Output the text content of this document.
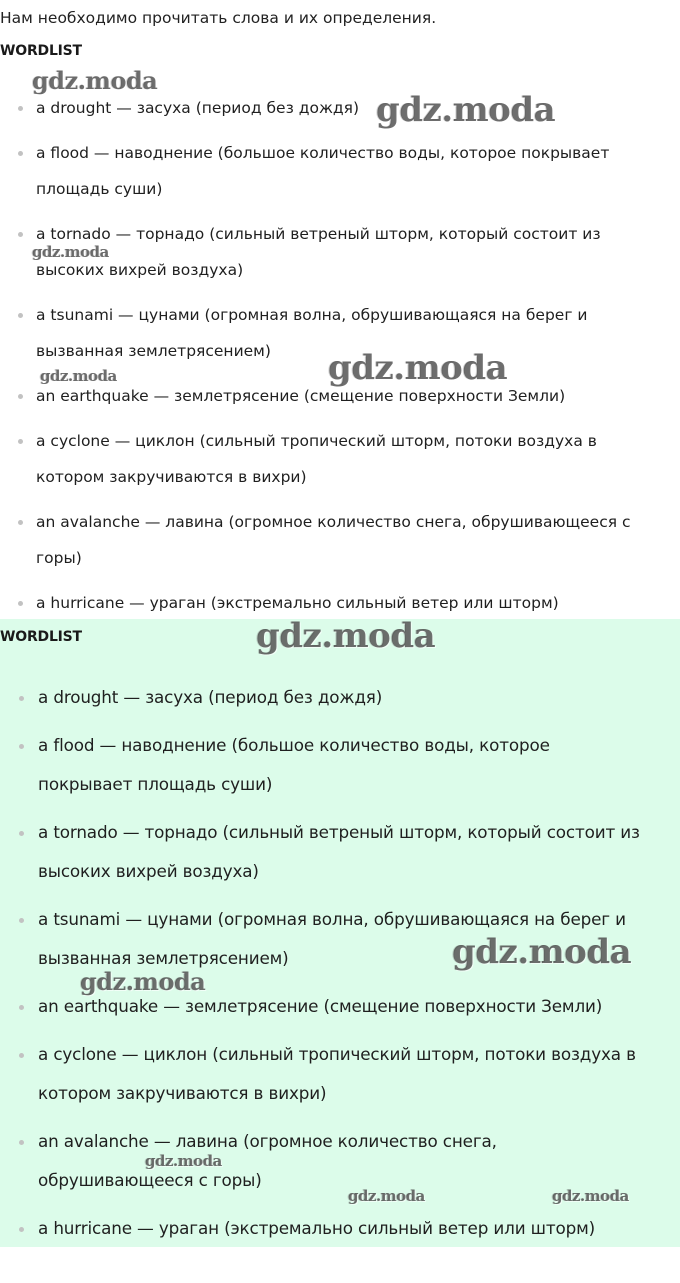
Нам необходимо прочитать слова и их определения.
WORDLIST
a drought — засуха (период без дождя)
a flood — наводнение (большое количество воды, которое покрывает
площадь суши)
a tornado — торнадо (сильный ветреный шторм, который состоит из
высоких вихрей воздуха)
a tsunami — цунами (огромная волна, обрушивающаяся на берег и
вызванная землетрясением)
an earthquake — землетрясение (смещение поверхности Земли)
a cyclone — циклон (сильный тропический шторм, потоки воздуха в
котором закручиваются в вихри)
an avalanche — лавина (огромное количество снега, обрушивающееся с
горы)
a hurricane — ураган (экстремально сильный ветер или шторм)
WORDLIST
a drought — засуха (период без дождя)
a flood — наводнение (большое количество воды, которое
покрывает площадь суши)
a tornado — торнадо (сильный ветреный шторм, который состоит из
высоких вихрей воздуха)
a tsunami — цунами (огромная волна, обрушивающаяся на берег и
вызванная землетрясением)
an earthquake — землетрясение (смещение поверхности Земли)
a cyclone — циклон (сильный тропический шторм, потоки воздуха в
котором закручиваются в вихри)
an avalanche — лавина (огромное количество снега,
обрушивающееся с горы)
a hurricane — ураган (экстремально сильный ветер или шторм)
gdz.moda
gdz.moda
gdz.moda
gdz.moda
gdz.moda
gdz.moda
gdz.moda
gdz.moda
gdz.moda
gdz.moda	gdz.moda
